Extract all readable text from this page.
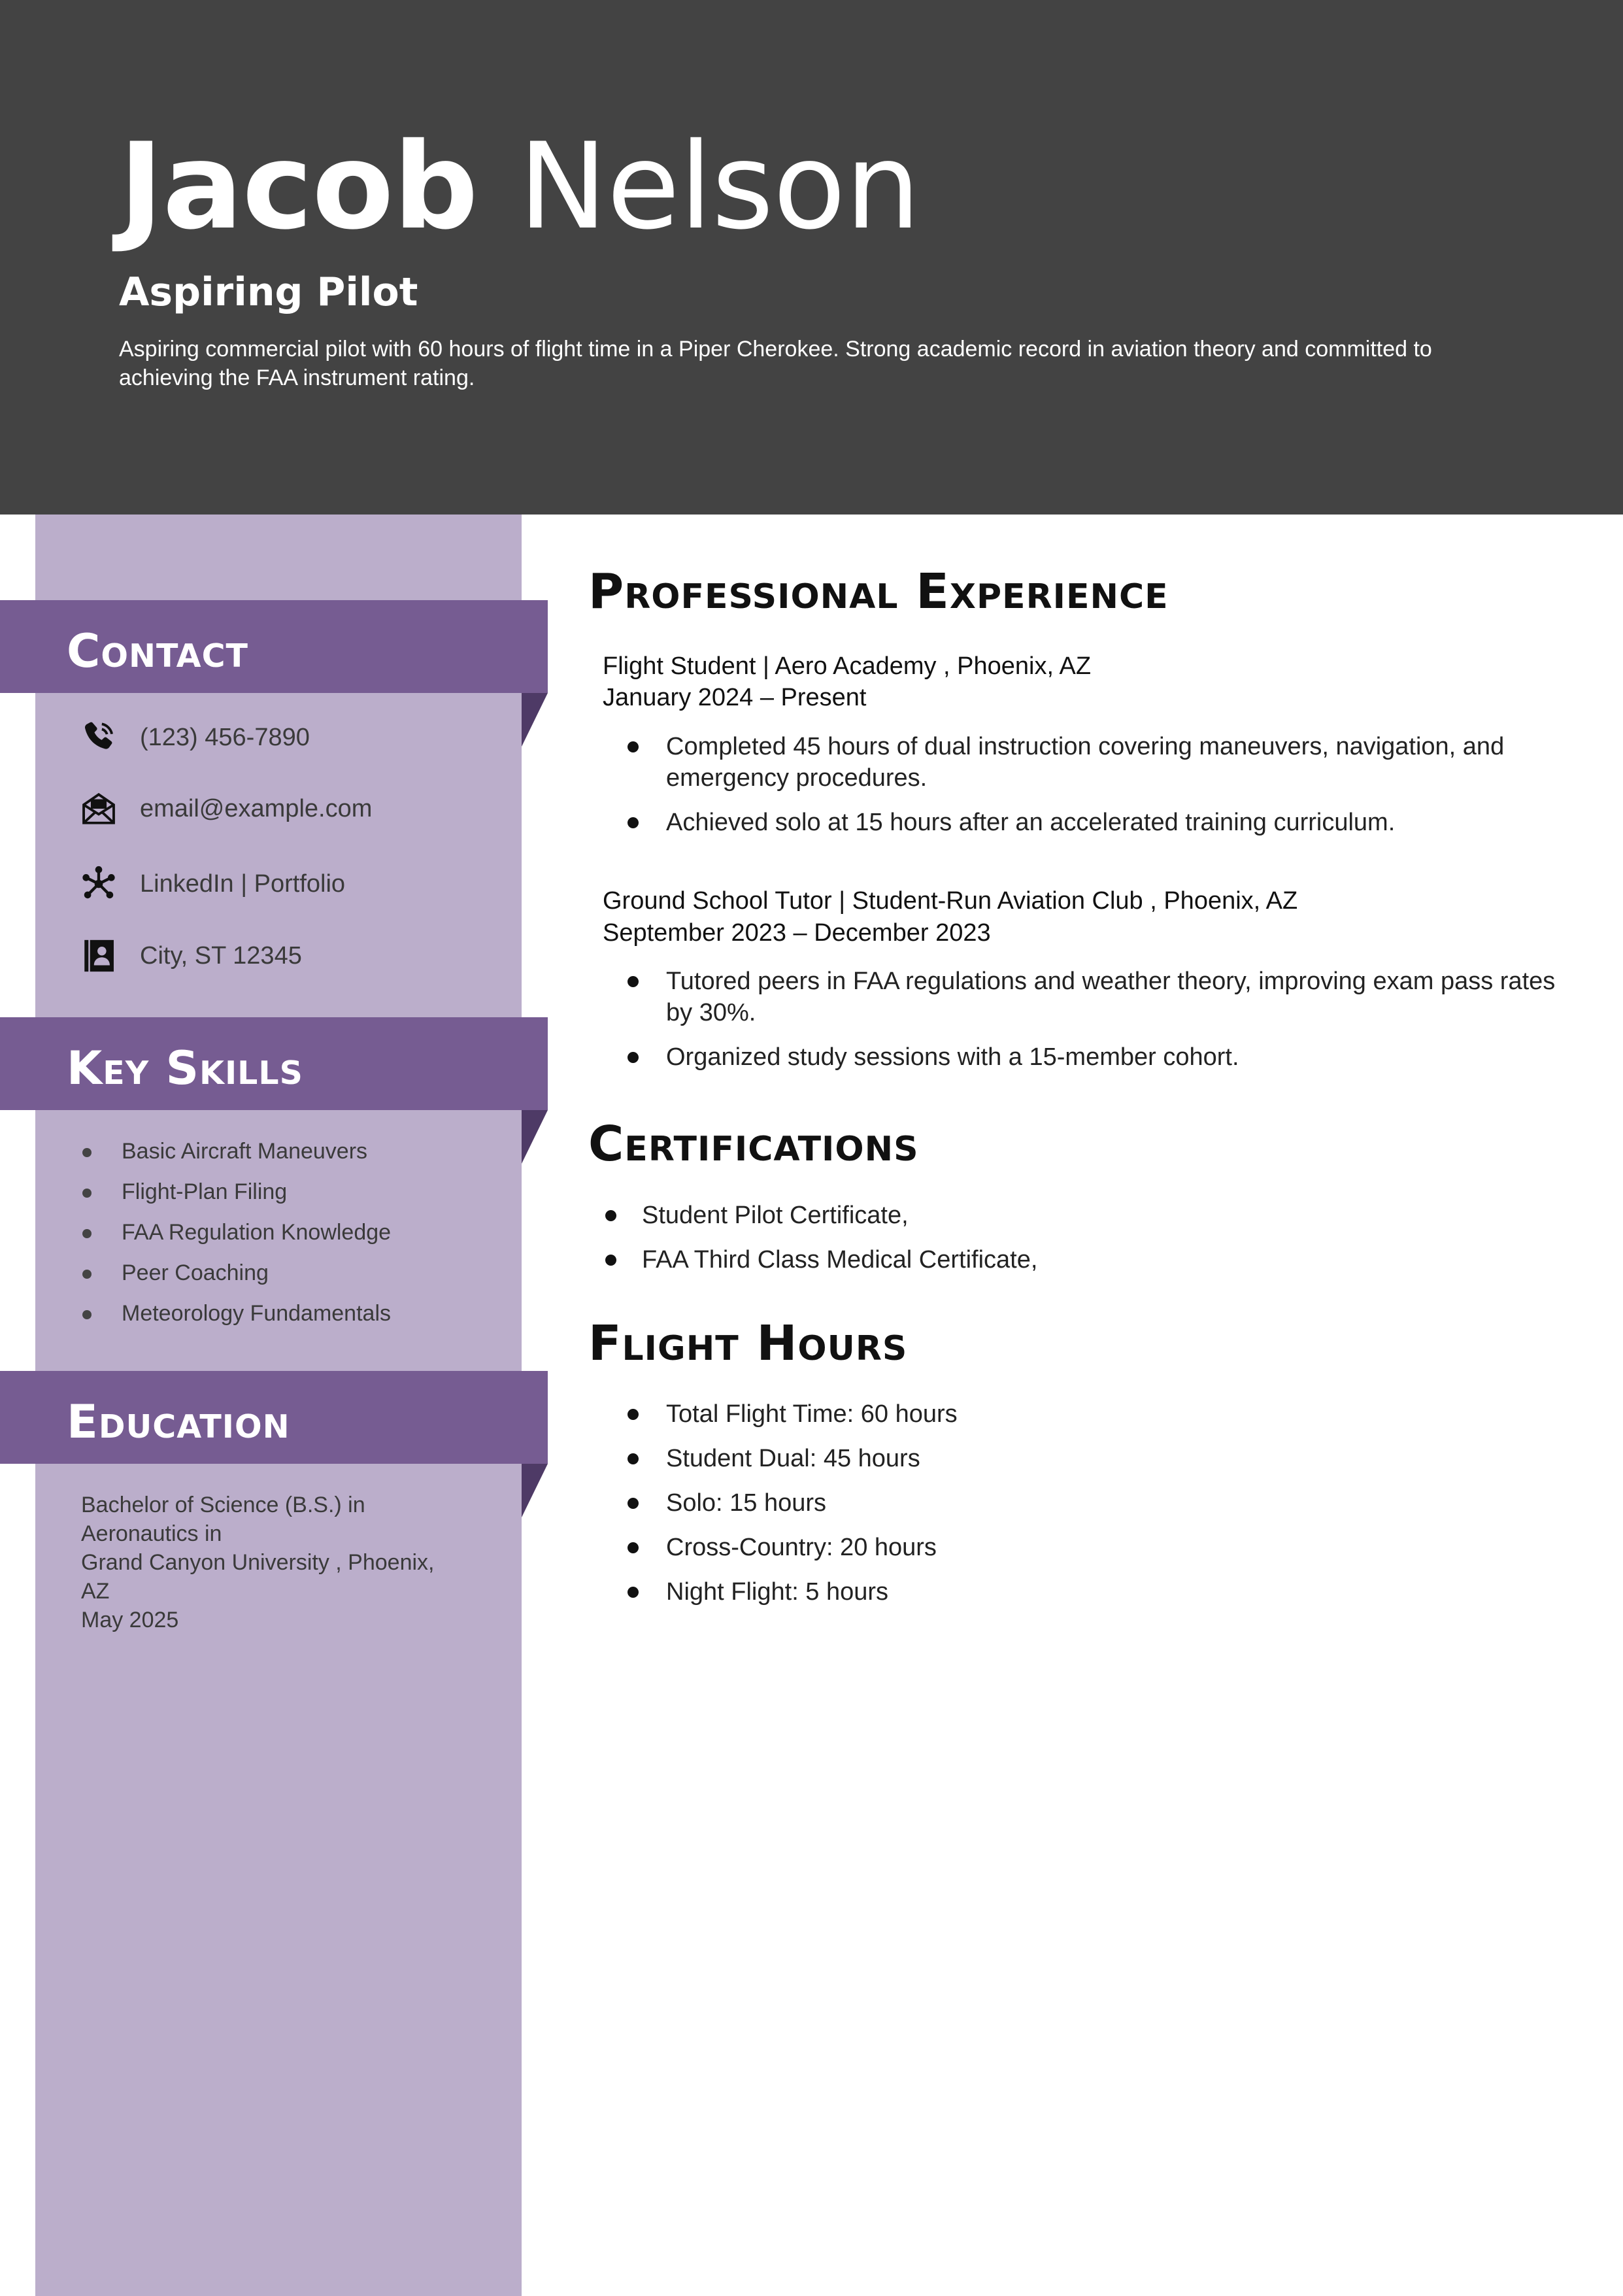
Jacob Nelson
Aspiring Pilot
Aspiring commercial pilot with 60 hours of flight time in a Piper Cherokee. Strong academic record in aviation theory and committed to achieving the FAA instrument rating.
Contact
(123) 456-7890
email@example.com
LinkedIn | Portfolio
City, ST 12345
Key Skills
Basic Aircraft Maneuvers
Flight-Plan Filing
FAA Regulation Knowledge
Peer Coaching
Meteorology Fundamentals
Education
Bachelor of Science (B.S.) in
Aeronautics in
Grand Canyon University , Phoenix,
AZ
May 2025
Professional Experience
Flight Student | Aero Academy , Phoenix, AZ
January 2024 – Present
Completed 45 hours of dual instruction covering maneuvers, navigation, and emergency procedures.
Achieved solo at 15 hours after an accelerated training curriculum.
Ground School Tutor | Student-Run Aviation Club , Phoenix, AZ
September 2023 – December 2023
Tutored peers in FAA regulations and weather theory, improving exam pass rates by 30%.
Organized study sessions with a 15-member cohort.
Certifications
Student Pilot Certificate,
FAA Third Class Medical Certificate,
Flight Hours
Total Flight Time: 60 hours
Student Dual: 45 hours
Solo: 15 hours
Cross-Country: 20 hours
Night Flight: 5 hours
